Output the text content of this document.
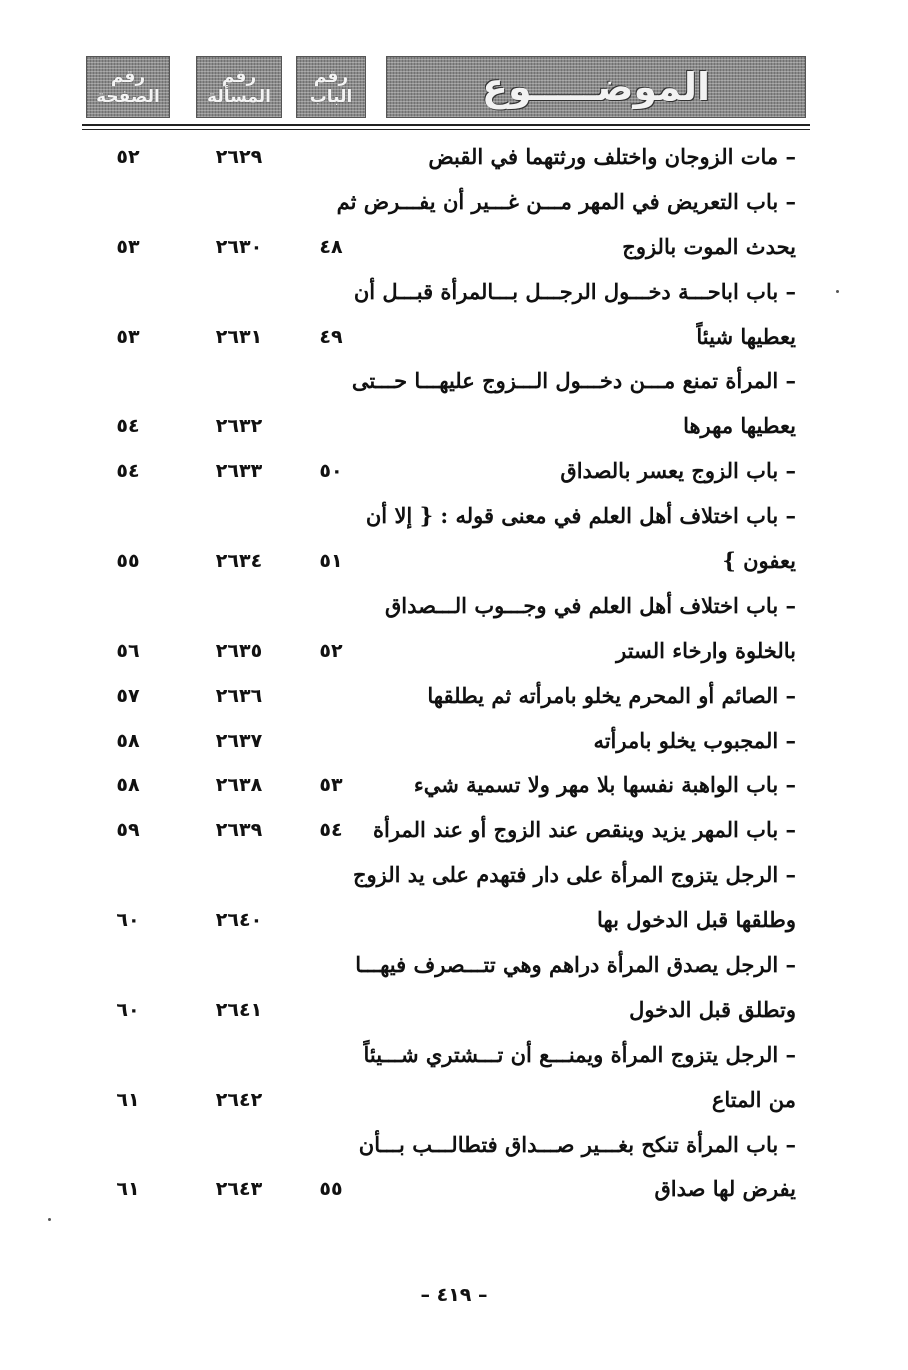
الموضـــــوع
رقم
الباب
رقم
المسألة
رقم
الصفحة
– مات الزوجان واختلف ورثتهما في القبض
٢٦٢٩
٥٢
– باب التعريض في المهر مـــن غـــير أن يفـــرض ثم
يحدث الموت بالزوج
٤٨
٢٦٣٠
٥٣
– باب اباحـــة دخـــول الرجـــل بـــالمرأة قبـــل أن
يعطيها شيئاً
٤٩
٢٦٣١
٥٣
– المرأة تمنع مـــن دخـــول الـــزوج عليهـــا حـــتى
يعطيها مهرها
٢٦٣٢
٥٤
– باب الزوج يعسر بالصداق
٥٠
٢٦٣٣
٥٤
– باب اختلاف أهل العلم في معنى قوله : { إلا أن
يعفون }
٥١
٢٦٣٤
٥٥
– باب اختلاف أهل العلم في وجـــوب الـــصداق
بالخلوة وارخاء الستر
٥٢
٢٦٣٥
٥٦
– الصائم أو المحرم يخلو بامرأته ثم يطلقها
٢٦٣٦
٥٧
– المجبوب يخلو بامرأته
٢٦٣٧
٥٨
– باب الواهبة نفسها بلا مهر ولا تسمية شيء
٥٣
٢٦٣٨
٥٨
– باب المهر يزيد وينقص عند الزوج أو عند المرأة
٥٤
٢٦٣٩
٥٩
– الرجل يتزوج المرأة على دار فتهدم على يد الزوج
وطلقها قبل الدخول بها
٢٦٤٠
٦٠
– الرجل يصدق المرأة دراهم وهي تتـــصرف فيهـــا
وتطلق قبل الدخول
٢٦٤١
٦٠
– الرجل يتزوج المرأة ويمنـــع أن تـــشتري شـــيئاً
من المتاع
٢٦٤٢
٦١
– باب المرأة تنكح بغـــير صـــداق فتطالـــب بـــأن
يفرض لها صداق
٥٥
٢٦٤٣
٦١
– ٤١٩ –
